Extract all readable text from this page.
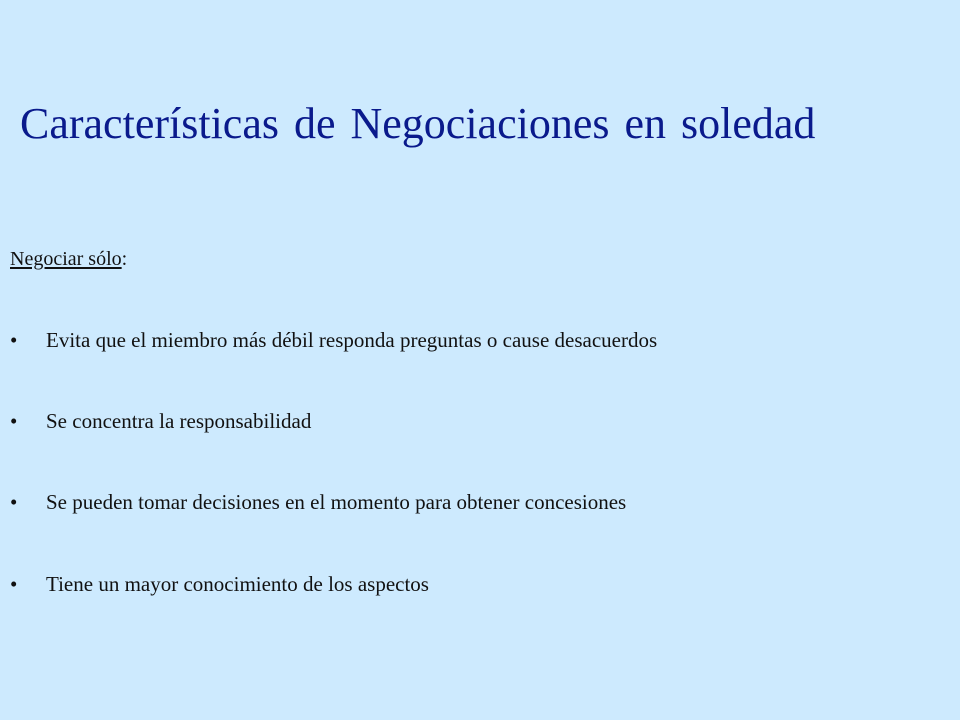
Características de Negociaciones en soledad
Negociar sólo:
•	Evita que el miembro más débil responda preguntas o cause desacuerdos
•	Se concentra la responsabilidad
•	Se pueden tomar decisiones en el momento para obtener concesiones
•	Tiene un mayor conocimiento de los aspectos
